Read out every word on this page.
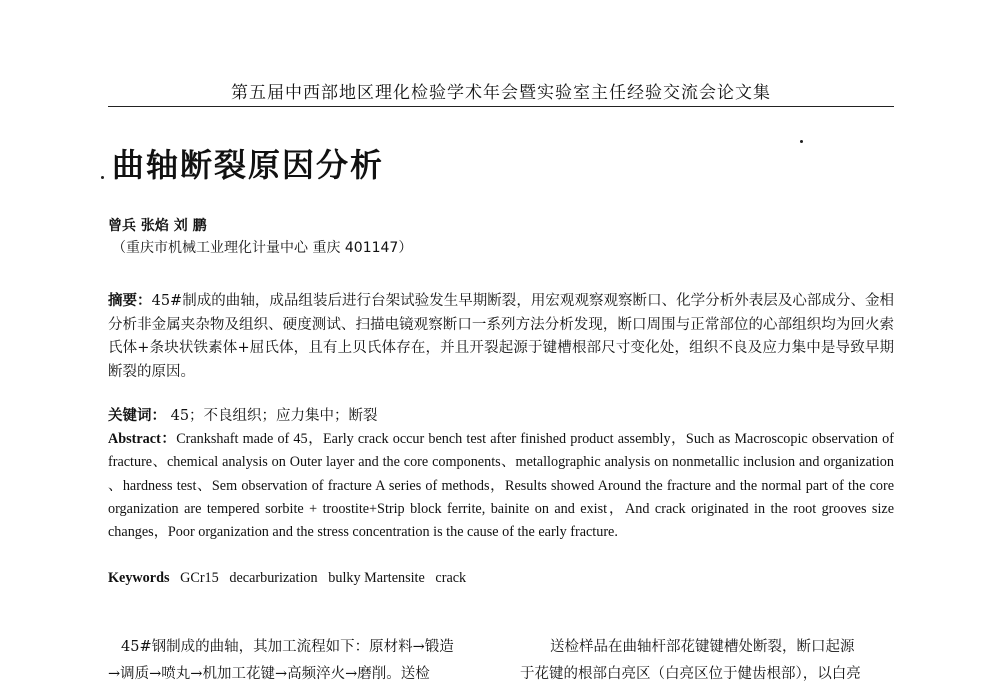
第五届中西部地区理化检验学术年会暨实验室主任经验交流会论文集
曲轴断裂原因分析
曾兵 张焰 刘 鹏
（重庆市机械工业理化计量中心 重庆 401147）
摘要：45#制成的曲轴，成品组装后进行台架试验发生早期断裂，用宏观观察观察断口、化学分析外表层及心部成分、金相分析非金属夹杂物及组织、硬度测试、扫描电镜观察断口一系列方法分析发现，断口周围与正常部位的心部组织均为回火索氏体+条块状铁素体+屈氏体，且有上贝氏体存在，并且开裂起源于键槽根部尺寸变化处，组织不良及应力集中是导致早期断裂的原因。
关键词： 45；不良组织；应力集中；断裂
Abstract：Crankshaft made of 45，Early crack occur bench test after finished product assembly，Such as Macroscopic observation of fracture、chemical analysis on Outer layer and the core components、metallographic analysis on nonmetallic inclusion and organization 、hardness test、Sem observation of fracture A series of methods，Results showed Around the fracture and the normal part of the core organization are tempered sorbite + troostite+Strip block ferrite, bainite on and exist，And crack originated in the root grooves size changes，Poor organization and the stress concentration is the cause of the early fracture.
Keywords GCr15   decarburization   bulky Martensite   crack
45#钢制成的曲轴，其加工流程如下：原材料→锻造
→调质→喷丸→机加工花键→高频淬火→磨削。送检
送检样品在曲轴杆部花键键槽处断裂，断口起源
于花键的根部白亮区（白亮区位于健齿根部），以白亮
